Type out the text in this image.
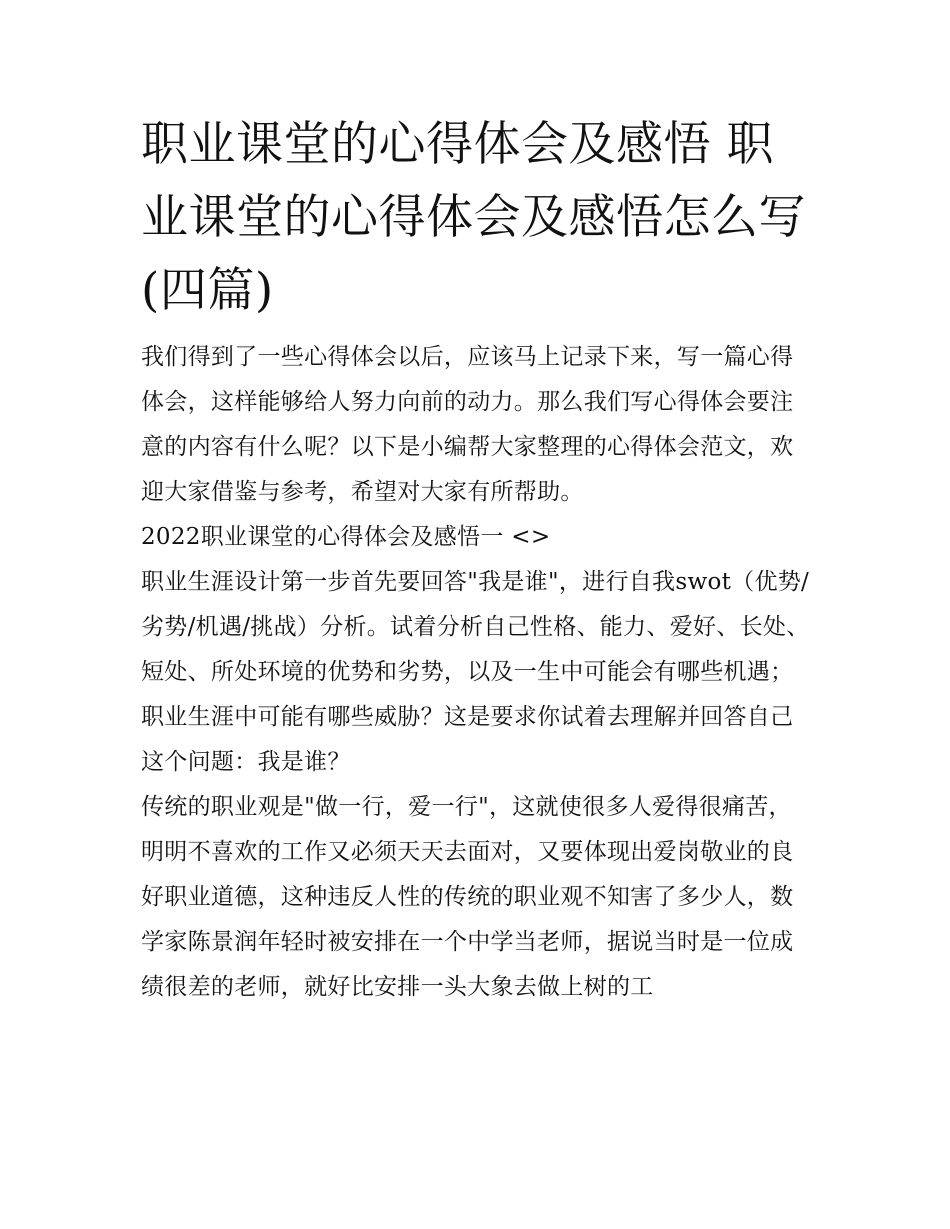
职业课堂的心得体会及感悟 职业课堂的心得体会及感悟怎么写(四篇)

我们得到了一些心得体会以后，应该马上记录下来，写一篇心得体会，这样能够给人努力向前的动力。那么我们写心得体会要注意的内容有什么呢？以下是小编帮大家整理的心得体会范文，欢迎大家借鉴与参考，希望对大家有所帮助。

2022职业课堂的心得体会及感悟一 <>

职业生涯设计第一步首先要回答"我是谁"，进行自我swot（优势/劣势/机遇/挑战）分析。试着分析自己性格、能力、爱好、长处、短处、所处环境的优势和劣势，以及一生中可能会有哪些机遇；职业生涯中可能有哪些威胁？这是要求你试着去理解并回答自己这个问题：我是谁？

传统的职业观是"做一行，爱一行"，这就使很多人爱得很痛苦，明明不喜欢的工作又必须天天去面对，又要体现出爱岗敬业的良好职业道德，这种违反人性的传统的职业观不知害了多少人，数学家陈景润年轻时被安排在一个中学当老师，据说当时是一位成绩很差的老师，就好比安排一头大象去做上树的工
